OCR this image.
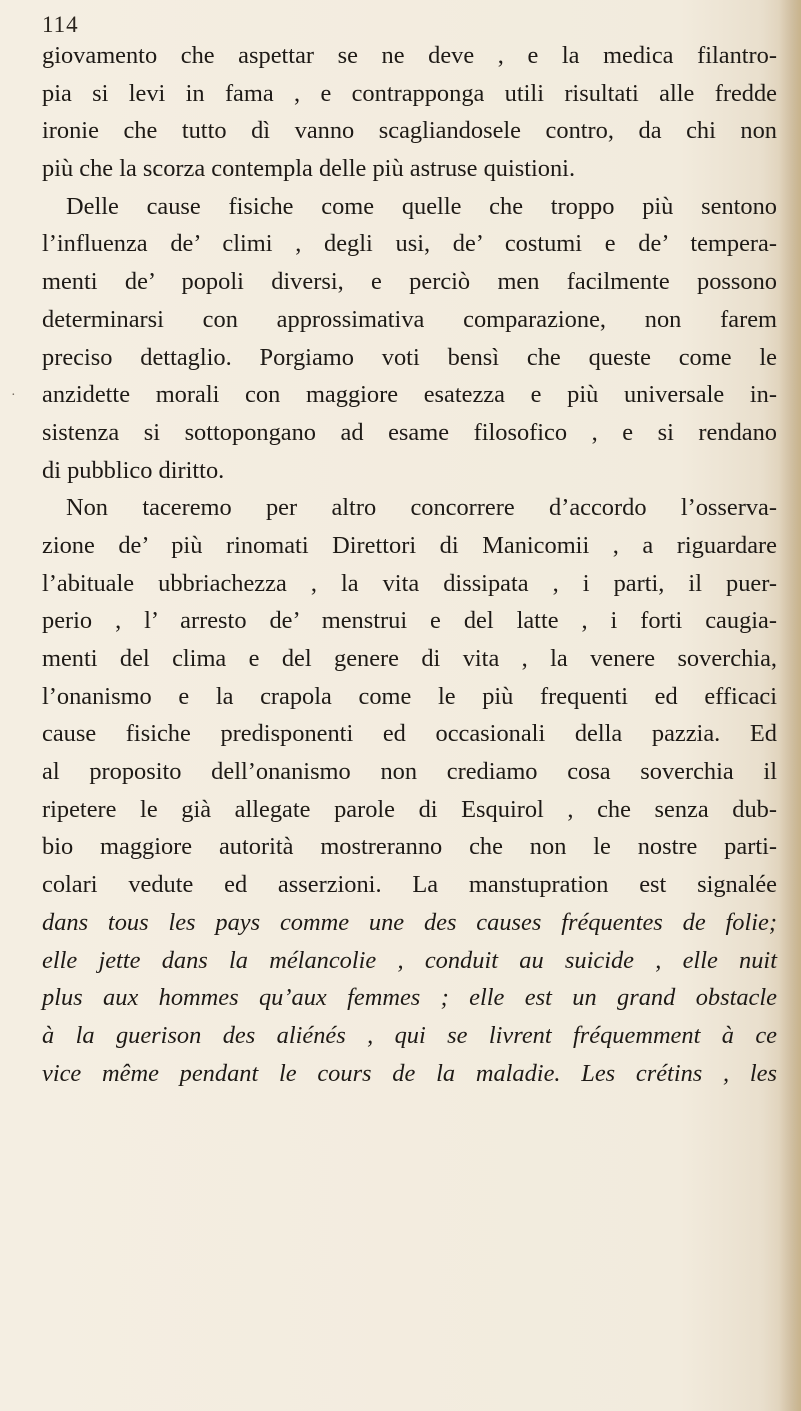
·
114
giovamento che aspettar se ne deve , e la medica filantro-
pia si levi in fama , e contrapponga utili risultati alle fredde
ironie che tutto dì vanno scagliandosele contro, da chi non
più che la scorza contempla delle più astruse quistioni.
Delle cause fisiche come quelle che troppo più sentono
l’influenza de’ climi , degli usi, de’ costumi e de’ tempera-
menti de’ popoli diversi, e perciò men facilmente possono
determinarsi con approssimativa comparazione, non farem
preciso dettaglio. Porgiamo voti bensì che queste come le
anzidette morali con maggiore esatezza e più universale in-
sistenza si sottopongano ad esame filosofico , e si rendano
di pubblico diritto.
Non taceremo per altro concorrere d’accordo l’osserva-
zione de’ più rinomati Direttori di Manicomii , a riguardare
l’abituale ubbriachezza , la vita dissipata , i parti, il puer-
perio , l’ arresto de’ menstrui e del latte , i forti caugia-
menti del clima e del genere di vita , la venere soverchia,
l’onanismo e la crapola come le più frequenti ed efficaci
cause fisiche predisponenti ed occasionali della pazzia. Ed
al proposito dell’onanismo non crediamo cosa soverchia il
ripetere le già allegate parole di Esquirol , che senza dub-
bio maggiore autorità mostreranno che non le nostre parti-
colari vedute ed asserzioni. La manstupration est signalée
dans tous les pays comme une des causes fréquentes de folie;
elle jette dans la mélancolie , conduit au suicide , elle nuit
plus aux hommes qu’aux femmes ; elle est un grand obstacle
à la guerison des aliénés , qui se livrent fréquemment à ce
vice même pendant le cours de la maladie. Les crétins , les
